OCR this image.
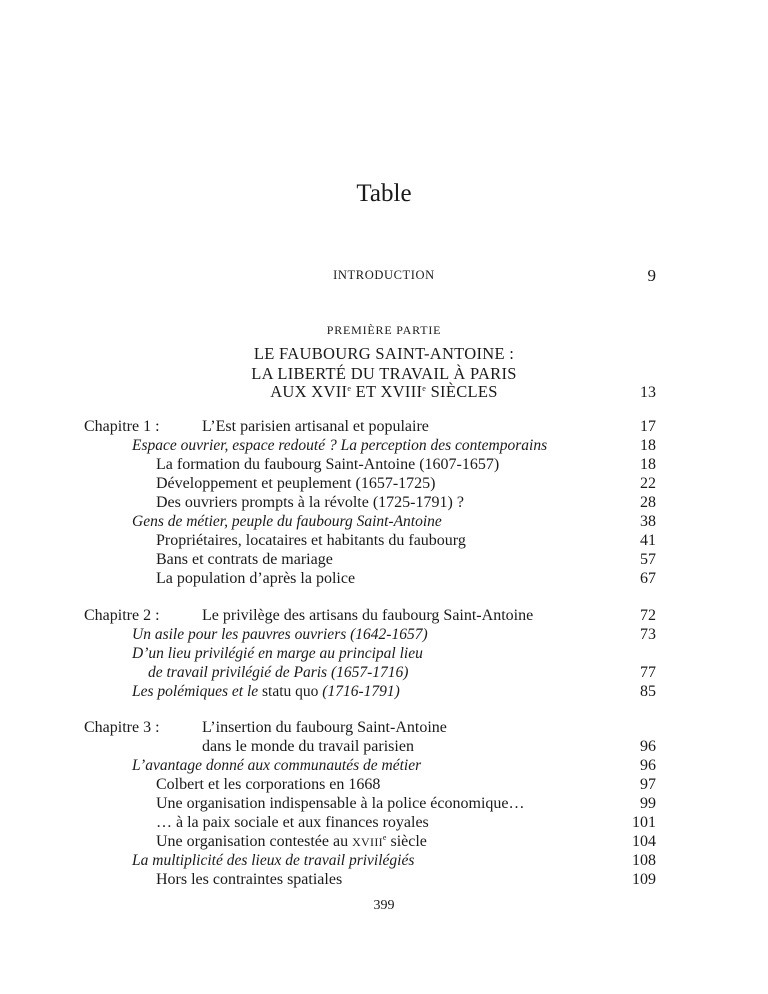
Table
INTRODUCTION	9
PREMIÈRE PARTIE
LE FAUBOURG SAINT-ANTOINE :
LA LIBERTÉ DU TRAVAIL À PARIS
AUX XVIIe ET XVIIIe SIÈCLES	13
Chapitre 1 :	L’Est parisien artisanal et populaire	17
Espace ouvrier, espace redouté ? La perception des contemporains	18
La formation du faubourg Saint-Antoine (1607-1657)	18
Développement et peuplement (1657-1725)	22
Des ouvriers prompts à la révolte (1725-1791) ?	28
Gens de métier, peuple du faubourg Saint-Antoine	38
Propriétaires, locataires et habitants du faubourg	41
Bans et contrats de mariage	57
La population d’après la police	67
Chapitre 2 :	Le privilège des artisans du faubourg Saint-Antoine	72
Un asile pour les pauvres ouvriers (1642-1657)	73
D’un lieu privilégié en marge au principal lieu
de travail privilégié de Paris (1657-1716)	77
Les polémiques et le statu quo (1716-1791)	85
Chapitre 3 :	L’insertion du faubourg Saint-Antoine
dans le monde du travail parisien	96
L’avantage donné aux communautés de métier	96
Colbert et les corporations en 1668	97
Une organisation indispensable à la police économique…	99
… à la paix sociale et aux finances royales	101
Une organisation contestée au XVIIIe siècle	104
La multiplicité des lieux de travail privilégiés	108
Hors les contraintes spatiales	109
399
